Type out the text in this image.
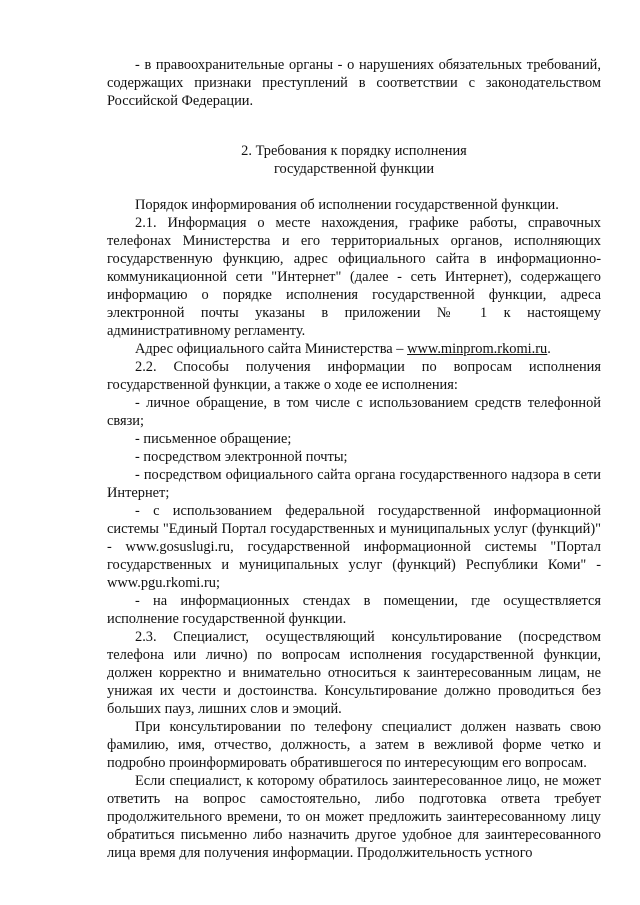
- в правоохранительные органы - о нарушениях обязательных требований, содержащих признаки преступлений в соответствии с законодательством Российской Федерации.

2. Требования к порядку исполнения
государственной функции

Порядок информирования об исполнении государственной функции.

2.1. Информация о месте нахождения, графике работы, справочных телефонах Министерства и его территориальных органов, исполняющих государственную функцию, адрес официального сайта в информационно-коммуникационной сети "Интернет" (далее - сеть Интернет), содержащего информацию о порядке исполнения государственной функции, адреса электронной почты указаны в приложении № 1 к настоящему административному регламенту.

Адрес официального сайта Министерства – www.minprom.rkomi.ru.

2.2. Способы получения информации по вопросам исполнения государственной функции, а также о ходе ее исполнения:

- личное обращение, в том числе с использованием средств телефонной связи;

- письменное обращение;

- посредством электронной почты;

- посредством официального сайта органа государственного надзора в сети Интернет;

- с использованием федеральной государственной информационной системы "Единый Портал государственных и муниципальных услуг (функций)" - www.gosuslugi.ru, государственной информационной системы "Портал государственных и муниципальных услуг (функций) Республики Коми" - www.pgu.rkomi.ru;

- на информационных стендах в помещении, где осуществляется исполнение государственной функции.

2.3. Специалист, осуществляющий консультирование (посредством телефона или лично) по вопросам исполнения государственной функции, должен корректно и внимательно относиться к заинтересованным лицам, не унижая их чести и достоинства. Консультирование должно проводиться без больших пауз, лишних слов и эмоций.

При консультировании по телефону специалист должен назвать свою фамилию, имя, отчество, должность, а затем в вежливой форме четко и подробно проинформировать обратившегося по интересующим его вопросам.

Если специалист, к которому обратилось заинтересованное лицо, не может ответить на вопрос самостоятельно, либо подготовка ответа требует продолжительного времени, то он может предложить заинтересованному лицу обратиться письменно либо назначить другое удобное для заинтересованного лица время для получения информации. Продолжительность устного
